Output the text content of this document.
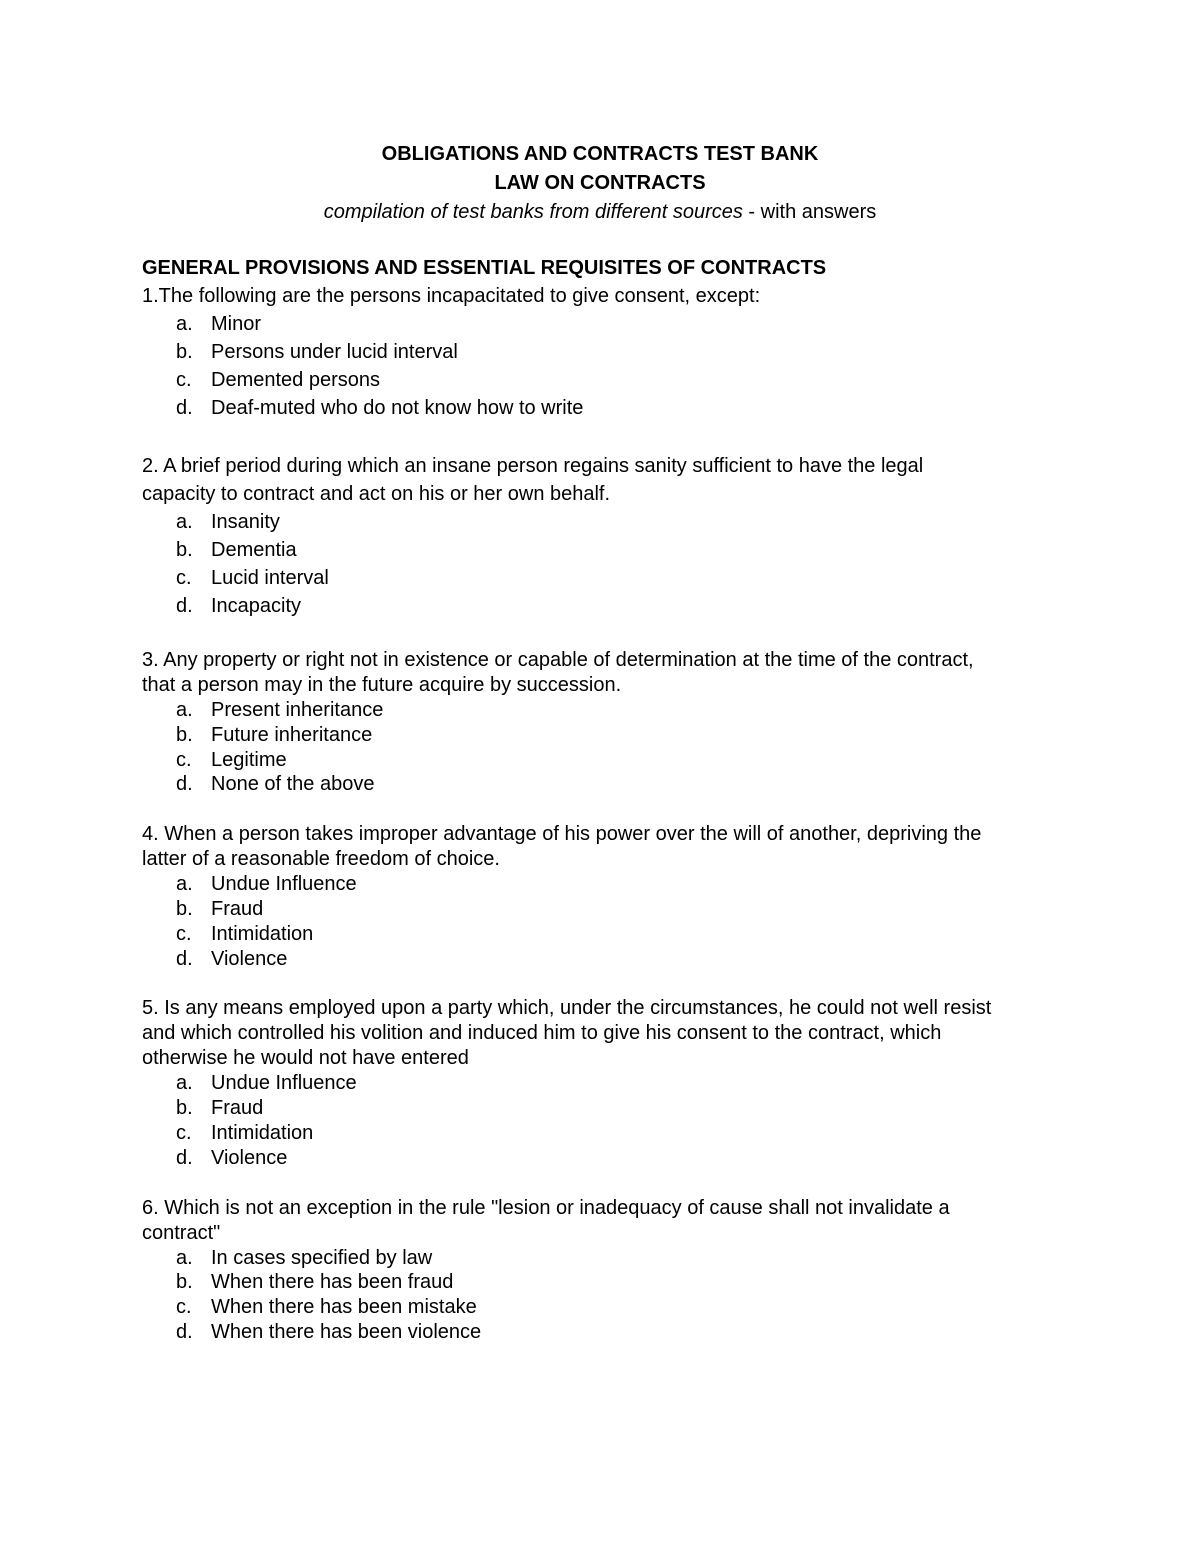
OBLIGATIONS AND CONTRACTS TEST BANK

LAW ON CONTRACTS

compilation of test banks from different sources - with answers

GENERAL PROVISIONS AND ESSENTIAL REQUISITES OF CONTRACTS

1.The following are the persons incapacitated to give consent, except:

a. Minor
b. Persons under lucid interval
c. Demented persons
d. Deaf-muted who do not know how to write

2. A brief period during which an insane person regains sanity sufficient to have the legal

capacity to contract and act on his or her own behalf.

a. Insanity
b. Dementia
c. Lucid interval
d. Incapacity

3. Any property or right not in existence or capable of determination at the time of the contract,

that a person may in the future acquire by succession.

a. Present inheritance
b. Future inheritance
c. Legitime
d. None of the above

4. When a person takes improper advantage of his power over the will of another, depriving the

latter of a reasonable freedom of choice.

a. Undue Influence
b. Fraud
c. Intimidation
d. Violence

5. Is any means employed upon a party which, under the circumstances, he could not well resist

and which controlled his volition and induced him to give his consent to the contract, which

otherwise he would not have entered

a. Undue Influence
b. Fraud
c. Intimidation
d. Violence

6. Which is not an exception in the rule "lesion or inadequacy of cause shall not invalidate a

contract"

a. In cases specified by law
b. When there has been fraud
c. When there has been mistake
d. When there has been violence
